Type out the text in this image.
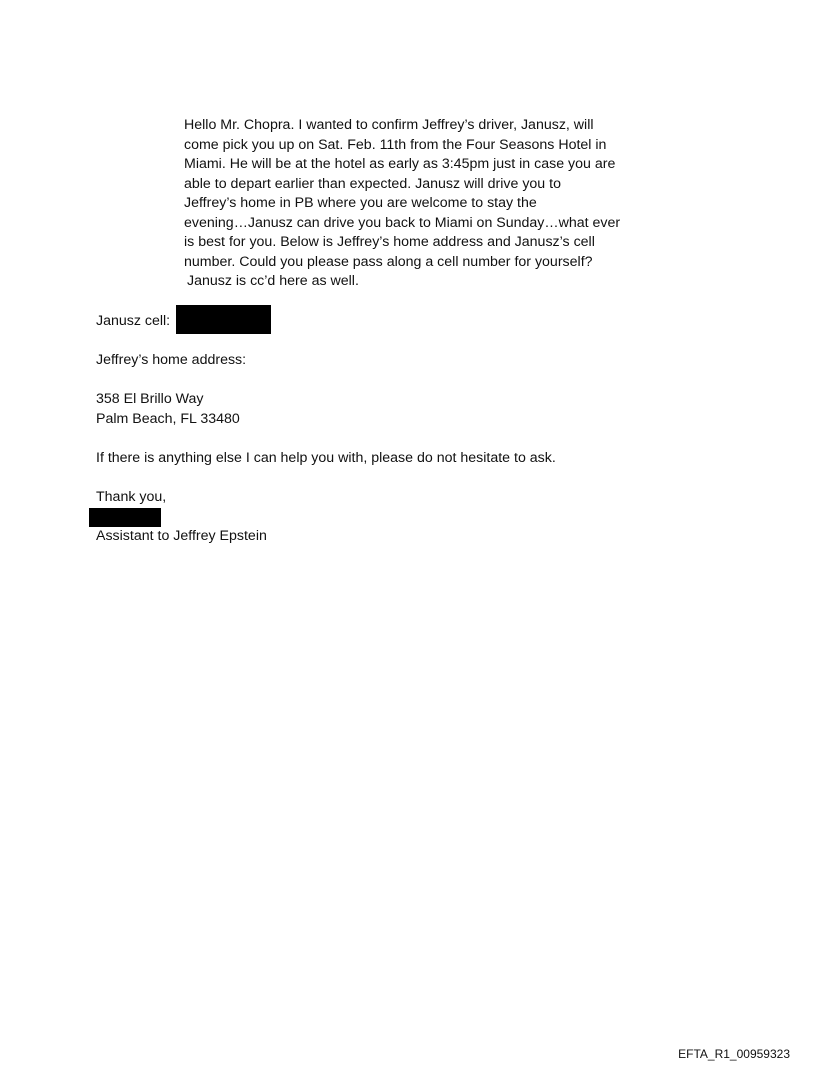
Hello Mr. Chopra. I wanted to confirm Jeffrey’s driver, Janusz, will
come pick you up on Sat. Feb. 11th from the Four Seasons Hotel in
Miami. He will be at the hotel as early as 3:45pm just in case you are
able to depart earlier than expected. Janusz will drive you to
Jeffrey’s home in PB where you are welcome to stay the
evening…Janusz can drive you back to Miami on Sunday…what ever
is best for you. Below is Jeffrey’s home address and Janusz’s cell
number. Could you please pass along a cell number for yourself?
Janusz is cc’d here as well.
Janusz cell:
Jeffrey’s home address:
358 El Brillo Way
Palm Beach, FL 33480
If there is anything else I can help you with, please do not hesitate to ask.
Thank you,
Assistant to Jeffrey Epstein
EFTA_R1_00959323
